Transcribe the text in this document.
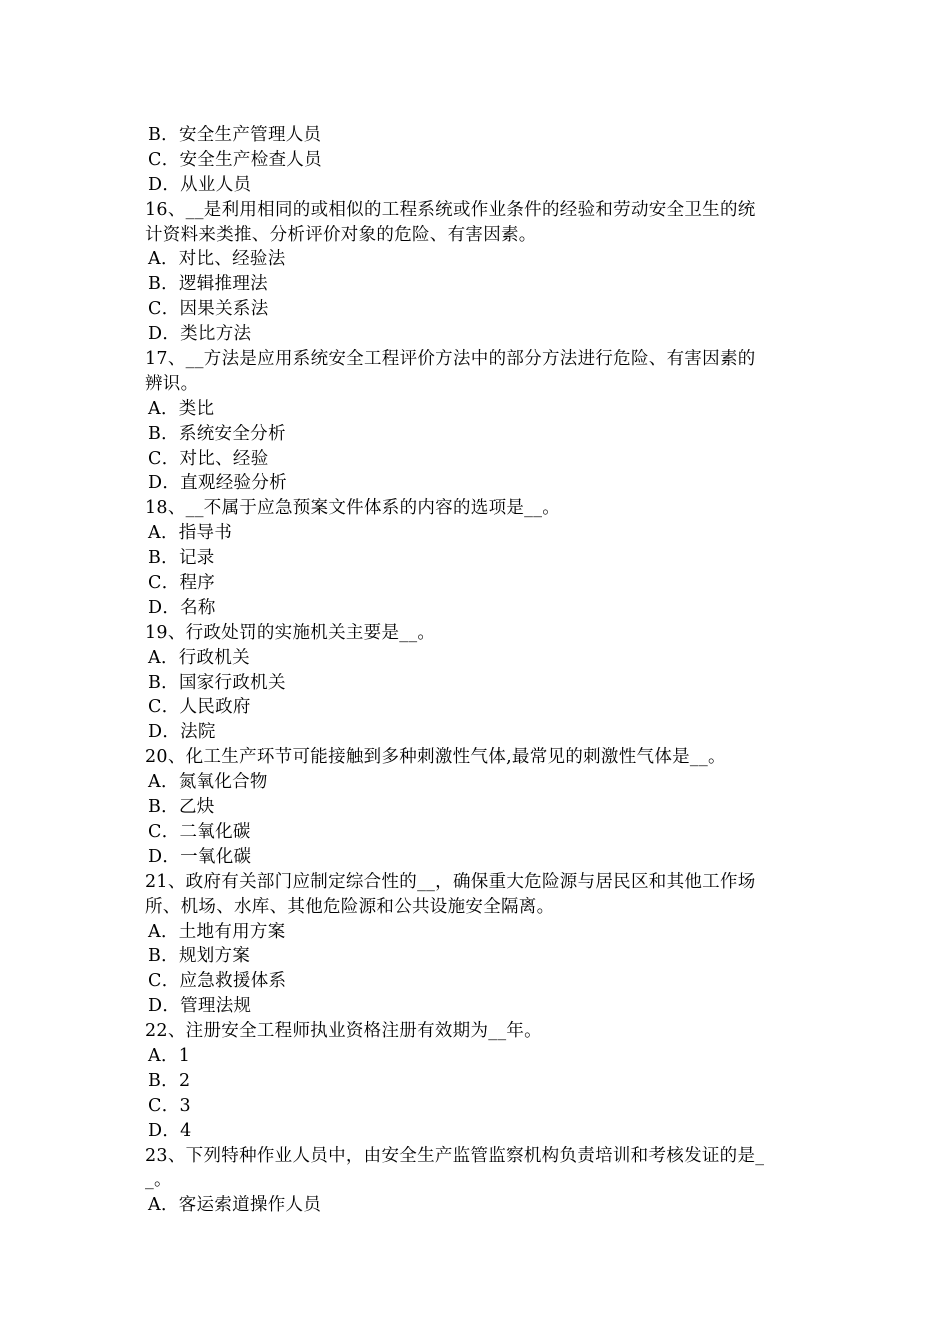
B．安全生产管理人员
C．安全生产检查人员
D．从业人员
16、__是利用相同的或相似的工程系统或作业条件的经验和劳动安全卫生的统
计资料来类推、分析评价对象的危险、有害因素。
A．对比、经验法
B．逻辑推理法
C．因果关系法
D．类比方法
17、__方法是应用系统安全工程评价方法中的部分方法进行危险、有害因素的
辨识。
A．类比
B．系统安全分析
C．对比、经验
D．直观经验分析
18、__不属于应急预案文件体系的内容的选项是__。
A．指导书
B．记录
C．程序
D．名称
19、行政处罚的实施机关主要是__。
A．行政机关
B．国家行政机关
C．人民政府
D．法院
20、化工生产环节可能接触到多种刺激性气体,最常见的刺激性气体是__。
A．氮氧化合物
B．乙炔
C．二氧化碳
D．一氧化碳
21、政府有关部门应制定综合性的__，确保重大危险源与居民区和其他工作场
所、机场、水库、其他危险源和公共设施安全隔离。
A．土地有用方案
B．规划方案
C．应急救援体系
D．管理法规
22、注册安全工程师执业资格注册有效期为__年。
A．1
B．2
C．3
D．4
23、下列特种作业人员中，由安全生产监管监察机构负责培训和考核发证的是_
_。
A．客运索道操作人员
